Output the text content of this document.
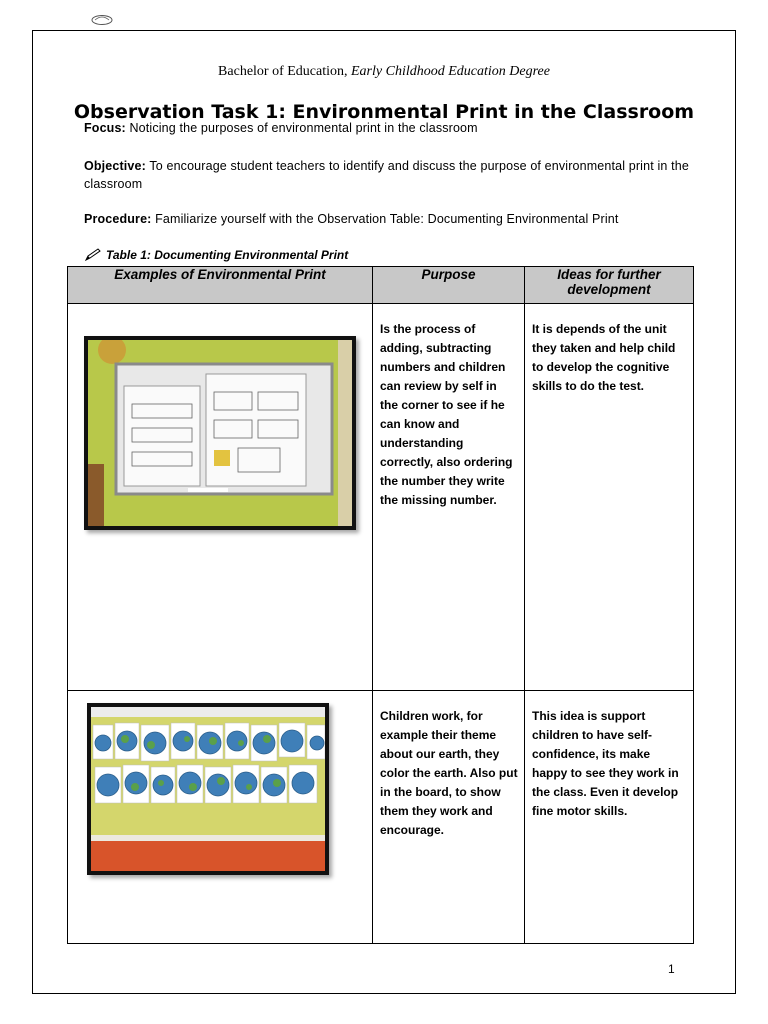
Bachelor of Education, Early Childhood Education Degree
Observation Task 1: Environmental Print in the Classroom
Focus: Noticing the purposes of environmental print in the classroom
Objective: To encourage student teachers to identify and discuss the purpose of environmental print in the classroom
Procedure: Familiarize yourself with the Observation Table: Documenting Environmental Print
Table 1: Documenting Environmental Print
Examples of Environmental Print	Purpose	Ideas for further development

	Is the process of adding, subtracting numbers and children can review by self in the corner to see if he can know and understanding correctly, also ordering the number they write the missing number.	It is depends of the unit they taken and help child to develop the cognitive skills to do the test.

	Children work, for example their theme about our earth, they color the earth. Also put in the board, to show them they work and encourage.	This idea is support children to have self-confidence, its make happy to see they work in the class. Even it develop fine motor skills.
1
